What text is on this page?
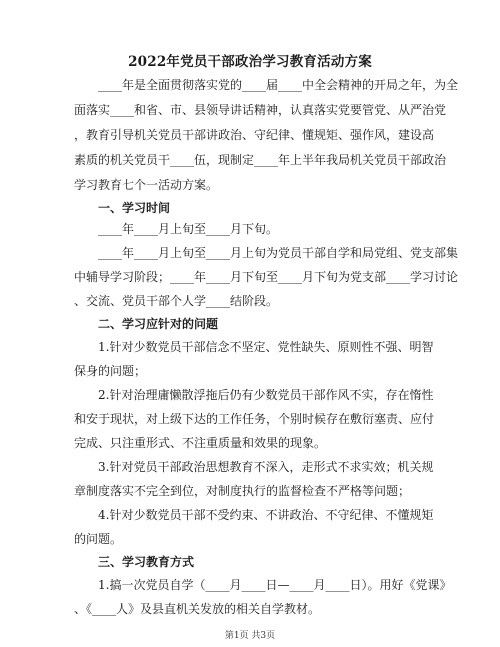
2022年党员干部政治学习教育活动方案
____年是全面贯彻落实党的____届____中全会精神的开局之年，为全
面落实____和省、市、县领导讲话精神，认真落实党要管党、从严治党
，教育引导机关党员干部讲政治、守纪律、懂规矩、强作风，建设高
素质的机关党员干____伍，现制定____年上半年我局机关党员干部政治
学习教育七个一活动方案。
一、学习时间
____年____月上旬至____月下旬。
____年____月上旬至____月上旬为党员干部自学和局党组、党支部集
中辅导学习阶段；____年____月下旬至____月下旬为党支部____学习讨论
、交流、党员干部个人学____结阶段。
二、学习应针对的问题
1.针对少数党员干部信念不坚定、党性缺失、原则性不强、明智
保身的问题；
2.针对治理庸懒散浮拖后仍有少数党员干部作风不实，存在惰性
和安于现状，对上级下达的工作任务，个别时候存在敷衍塞责、应付
完成、只注重形式、不注重质量和效果的现象。
3.针对党员干部政治思想教育不深入，走形式不求实效；机关规
章制度落实不完全到位，对制度执行的监督检查不严格等问题；
4.针对少数党员干部不受约束、不讲政治、不守纪律、不懂规矩
的问题。
三、学习教育方式
1.搞一次党员自学（____月____日—____月____日）。用好《党课》
、《____人》及县直机关发放的相关自学教材。
第1页 共3页
